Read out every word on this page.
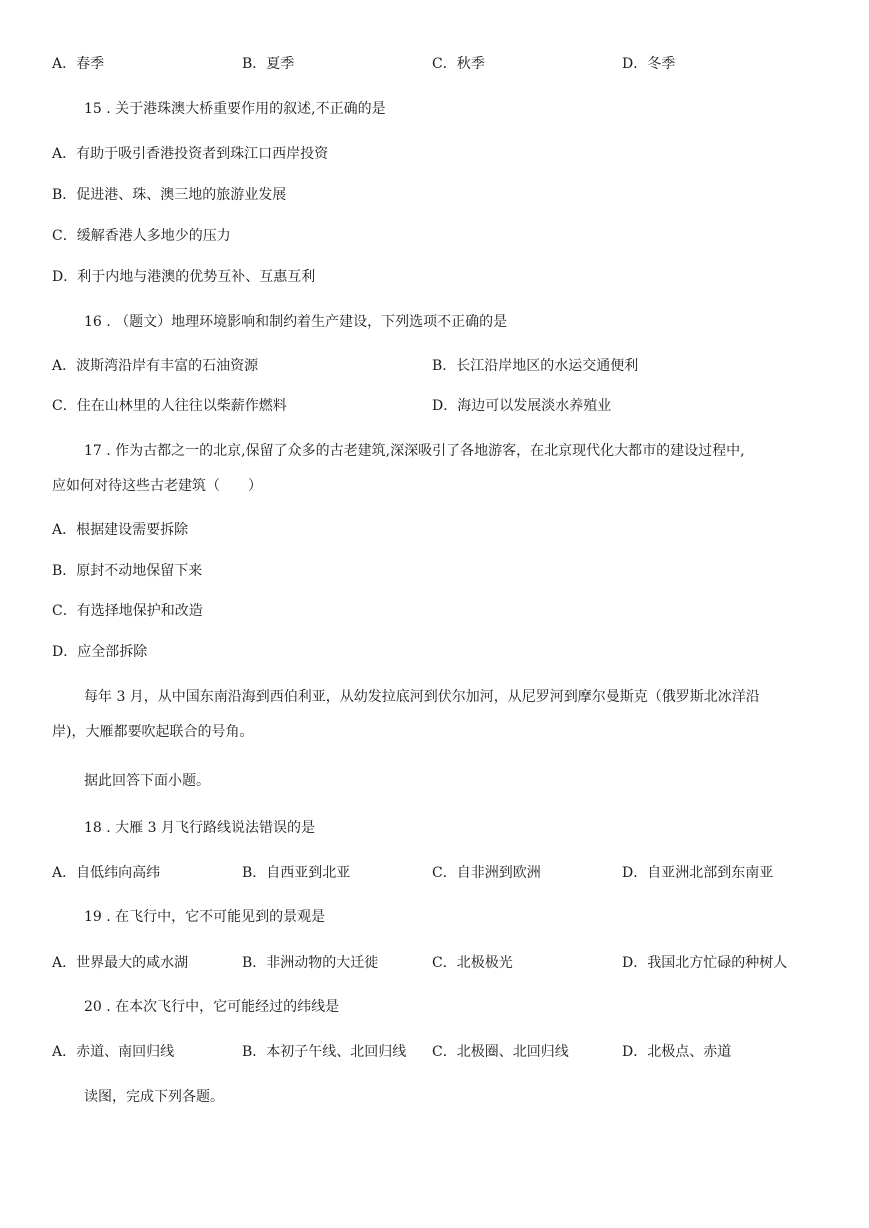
A．春季	B．夏季	C．秋季	D．冬季
15 . 关于港珠澳大桥重要作用的叙述,不正确的是
A．有助于吸引香港投资者到珠江口西岸投资
B．促进港、珠、澳三地的旅游业发展
C．缓解香港人多地少的压力
D．利于内地与港澳的优势互补、互惠互利
16 . （题文）地理环境影响和制约着生产建设，下列选项不正确的是
A．波斯湾沿岸有丰富的石油资源	B．长江沿岸地区的水运交通便利
C．住在山林里的人往往以柴薪作燃料	D．海边可以发展淡水养殖业
17 . 作为古都之一的北京,保留了众多的古老建筑,深深吸引了各地游客，在北京现代化大都市的建设过程中,
应如何对待这些古老建筑（　　）
A．根据建设需要拆除
B．原封不动地保留下来
C．有选择地保护和改造
D．应全部拆除
每年 3 月，从中国东南沿海到西伯利亚，从幼发拉底河到伏尔加河，从尼罗河到摩尔曼斯克（俄罗斯北冰洋沿
岸)，大雁都要吹起联合的号角。
据此回答下面小题。
18 . 大雁 3 月飞行路线说法错误的是
A．自低纬向高纬	B．自西亚到北亚	C．自非洲到欧洲	D．自亚洲北部到东南亚
19 . 在飞行中，它不可能见到的景观是
A．世界最大的咸水湖	B．非洲动物的大迁徙	C．北极极光	D．我国北方忙碌的种树人
20 . 在本次飞行中，它可能经过的纬线是
A．赤道、南回归线	B．本初子午线、北回归线 C．北极圈、北回归线	D．北极点、赤道
读图，完成下列各题。
